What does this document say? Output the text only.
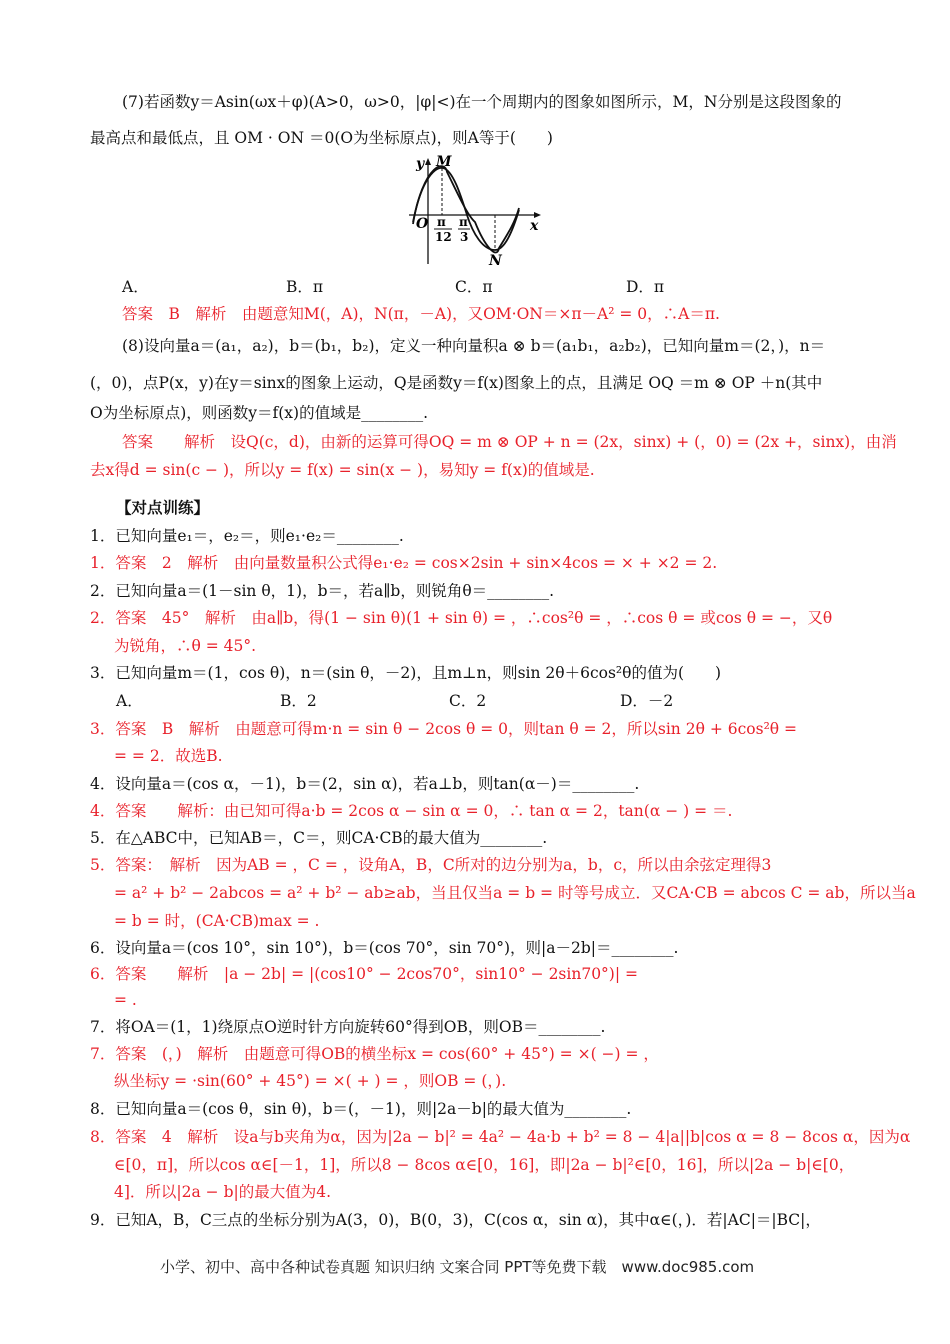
(7)若函数y＝Asin(ωx＋φ)(A>0，ω>0，|φ|<)在一个周期内的图象如图所示，M，N分别是这段图象的
最高点和最低点，且 OM · ON ＝0(O为坐标原点)，则A等于(　　)
y M
x
O
N
π
12
π
3
A．	B．π	C．π	D．π
答案　B　解析　由题意知M(，A)，N(π，－A)，又OM·ON＝×π－A² = 0，∴A＝π.
(8)设向量a＝(a₁，a₂)，b＝(b₁，b₂)，定义一种向量积a ⊗ b＝(a₁b₁，a₂b₂)，已知向量m＝(2，)，n＝
(，0)，点P(x，y)在y＝sinx的图象上运动，Q是函数y＝f(x)图象上的点，且满足 OQ ＝m ⊗ OP ＋n(其中
O为坐标原点)，则函数y＝f(x)的值域是________.
答案　　解析　设Q(c，d)，由新的运算可得OQ = m ⊗ OP + n = (2x，sinx) + (，0) = (2x +，sinx)，由消
去x得d = sin(c − )，所以y = f(x) = sin(x − )，易知y = f(x)的值域是.
【对点训练】
1．已知向量e₁＝，e₂＝，则e₁·e₂＝________.
1．答案　2　解析　由向量数量积公式得e₁·e₂ = cos×2sin + sin×4cos = × + ×2 = 2.
2．已知向量a＝(1－sin θ，1)，b＝，若a∥b，则锐角θ＝________.
2．答案　45°　解析　由a∥b，得(1 − sin θ)(1 + sin θ) = ，∴cos²θ = ，∴cos θ = 或cos θ = −，又θ
为锐角，∴θ = 45°.
3．已知向量m＝(1，cos θ)，n＝(sin θ，－2)，且m⊥n，则sin 2θ＋6cos²θ的值为(　　)
A．	B．2	C．2	D．－2
3．答案　B　解析　由题意可得m·n = sin θ − 2cos θ = 0，则tan θ = 2，所以sin 2θ + 6cos²θ =
= = 2．故选B.
4．设向量a＝(cos α，－1)，b＝(2，sin α)，若a⊥b，则tan(α－)＝________.
4．答案　　解析：由已知可得a·b = 2cos α − sin α = 0，∴ tan α = 2，tan(α − ) = ＝.
5．在△ABC中，已知AB＝，C＝，则CA·CB的最大值为________.
5．答案：　解析　因为AB = ，C = ，设角A，B，C所对的边分别为a，b，c，所以由余弦定理得3
= a² + b² − 2abcos = a² + b² − ab≥ab，当且仅当a = b = 时等号成立．又CA·CB = abcos C = ab，所以当a
= b = 时，(CA·CB)max = .
6．设向量a＝(cos 10°，sin 10°)，b＝(cos 70°，sin 70°)，则|a－2b|＝________.
6．答案　　解析　|a − 2b| = |(cos10° − 2cos70°，sin10° − 2sin70°)| =
= .
7．将OA＝(1，1)绕原点O逆时针方向旋转60°得到OB，则OB＝________.
7．答案　(，)　解析　由题意可得OB的横坐标x = cos(60° + 45°) = ×( −) = ，
纵坐标y = ·sin(60° + 45°) = ×( + ) = ，则OB = (，).
8．已知向量a＝(cos θ，sin θ)，b＝(，－1)，则|2a－b|的最大值为________.
8．答案　4　解析　设a与b夹角为α，因为|2a − b|² = 4a² − 4a·b + b² = 8 − 4|a||b|cos α = 8 − 8cos α，因为α
∈[0，π]，所以cos α∈[－1，1]，所以8 − 8cos α∈[0，16]，即|2a − b|²∈[0，16]，所以|2a − b|∈[0，
4]．所以|2a − b|的最大值为4.
9．已知A，B，C三点的坐标分别为A(3，0)，B(0，3)，C(cos α，sin α)，其中α∈(，)．若|AC|＝|BC|，
小学、初中、高中各种试卷真题 知识归纳 文案合同 PPT等免费下载　www.doc985.com
